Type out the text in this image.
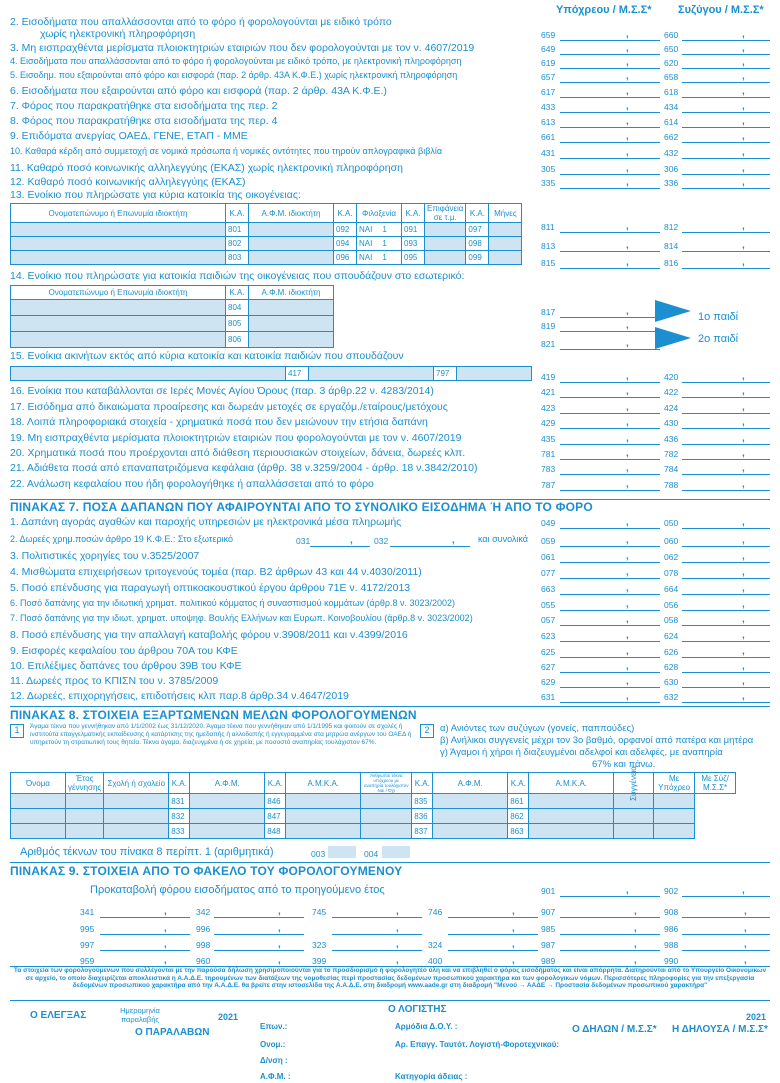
Υπόχρεου / Μ.Σ.Σ* Συζύγου / Μ.Σ.Σ*
2. Εισοδήματα που απαλλάσσονται από το φόρο ή φορολογούνται με ειδικό τρόπο
χωρίς ηλεκτρονική πληροφόρηση	659	,	660	,
3. Μη εισπραχθέντα μερίσματα πλοιοκτητριών εταιριών που δεν φορολογούνται με τον ν. 4607/2019	649	,	650	,
4. Εισοδήματα που απαλλάσσονται από το φόρο ή φορολογούνται με ειδικό τρόπο, με ηλεκτρονική πληροφόρηση	619	,	620	,
5. Εισοδημ. που εξαιρούνται από φόρο και εισφορά (παρ. 2 άρθρ. 43Α Κ.Φ.Ε.) χωρίς ηλεκτρονική πληροφόρηση	657	,	658	,
6. Εισοδήματα που εξαιρούνται από φόρο και εισφορά (παρ. 2 άρθρ. 43Α Κ.Φ.Ε.)	617	,	618	,
7. Φόρος που παρακρατήθηκε στα εισοδήματα της περ. 2	433	,	434	,
8. Φόρος που παρακρατήθηκε στα εισοδήματα της περ. 4	613	,	614	,
9. Επιδόματα ανεργίας ΟΑΕΔ, ΓΕΝΕ, ΕΤΑΠ - ΜΜΕ	661	,	662	,
10. Καθαρά κέρδη από συμμετοχή σε νομικά πρόσωπα ή νομικές οντότητες που τηρούν απλογραφικά βιβλία	431	,	432	,
11. Καθαρό ποσό κοινωνικής αλληλεγγύης (ΕΚΑΣ) χωρίς ηλεκτρονική πληροφόρηση	305	,	306	,
12. Καθαρό ποσό κοινωνικής αλληλεγγύης (ΕΚΑΣ)	335	,	336	,
13. Ενοίκιο που πληρώσατε για κύρια κατοικία της οικογένειας:
Ονοματεπώνυμο ή Επωνυμία ιδιοκτήτη	Κ.Α.	Α.Φ.Μ. ιδιοκτήτη	Κ.Α.	Φιλοξενία	Κ.Α.	Επιφάνεια σε τ.μ.	Κ.Α.	Μήνες
	801		092	ΝΑΙ 1	091		097	
	802		094	ΝΑΙ 1	093		098	
	803		096	ΝΑΙ 1	095		099	
811	,	812	,
813	,	814	,
815	,	816	,
14. Ενοίκιο που πληρώσατε για κατοικία παιδιών της οικογένειας που σπουδάζουν στο εσωτερικό:
Ονοματεπώνυμο ή Επωνυμία ιδιοκτήτη	Κ.Α.	Α.Φ.Μ. ιδιοκτήτη
	804	
	805	
	806	
817	,
819	,
821	,
1ο παιδί
2ο παιδί
15. Ενοίκια ακινήτων εκτός από κύρια κατοικία και κατοικία παιδιών που σπουδάζουν
	417		797		419	,	420	,
16. Ενοίκια που καταβάλλονται σε Ιερές Μονές Αγίου Όρους (παρ. 3 άρθρ.22 ν. 4283/2014)	421	,	422	,
17. Εισόδημα από δικαιώματα προαίρεσης και δωρεάν μετοχές σε εργαζόμ./εταίρους/μετόχους	423	,	424	,
18. Λοιπά πληροφοριακά στοιχεία - χρηματικά ποσά που δεν μειώνουν την ετήσια δαπάνη	429	,	430	,
19. Μη εισπραχθέντα μερίσματα πλοιοκτητριών εταιριών που φορολογούνται με τον ν. 4607/2019	435	,	436	,
20. Χρηματικά ποσά που προέρχονται από διάθεση περιουσιακών στοιχείων, δάνεια, δωρεές κλπ.	781	,	782	,
21. Αδιάθετα ποσά από επαναπατριζόμενα κεφάλαια (άρθρ. 38 ν.3259/2004 - άρθρ. 18 ν.3842/2010)	783	,	784	,
22. Ανάλωση κεφαλαίου που ήδη φορολογήθηκε ή απαλλάσσεται από το φόρο	787	,	788	,
ΠΙΝΑΚΑΣ 7. ΠΟΣΑ ΔΑΠΑΝΩΝ ΠΟΥ ΑΦΑΙΡΟΥΝΤΑΙ ΑΠΟ ΤΟ ΣΥΝΟΛΙΚΟ ΕΙΣΟΔΗΜΑ Ή ΑΠΟ ΤΟ ΦΟΡΟ
1. Δαπάνη αγοράς αγαθών και παροχής υπηρεσιών με ηλεκτρονικά μέσα πληρωμής	049	,	050	,
2. Δωρεές χρημ.ποσών άρθρο 19 Κ.Φ.Ε.: Στο εξωτερικό	031	, 032	,	και συνολικά 059	,	060	,
3. Πολιτιστικές χορηγίες του ν.3525/2007	061	,	062	,
4. Μισθώματα επιχειρήσεων τριτογενούς τομέα (παρ. Β2 άρθρων 43 και 44 ν.4030/2011)	077	,	078	,
5. Ποσό επένδυσης για παραγωγή οπτικοακουστικού έργου άρθρου 71Ε ν. 4172/2013	663	,	664	,
6. Ποσό δαπάνης για την ιδιωτική χρηματ. πολιτικού κόμματος ή συνασπισμού κομμάτων (άρθρ.8 ν. 3023/2002)	055	,	056	,
7. Ποσό δαπάνης για την ιδιωτ. χρηματ. υποψηφ. Βουλής Ελλήνων και Ευρωπ. Κοινοβουλίου (άρθρ.8 ν. 3023/2002)	057	,	058	,
8. Ποσό επένδυσης για την απαλλαγή καταβολής φόρου ν.3908/2011 και ν.4399/2016	623	,	624	,
9. Εισφορές κεφαλαίου του άρθρου 70Α του ΚΦΕ	625	,	626	,
10. Επιλέξιμες δαπάνες του άρθρου 39Β του ΚΦΕ	627	,	628	,
11. Δωρεές προς το ΚΠΙΣΝ του ν. 3785/2009	629	,	630	,
12. Δωρεές, επιχορηγήσεις, επιδοτήσεις κλπ παρ.8 άρθρ.34 ν.4647/2019	631	,	632	,
ΠΙΝΑΚΑΣ 8. ΣΤΟΙΧΕΙΑ ΕΞΑΡΤΩΜΕΝΩΝ ΜΕΛΩΝ ΦΟΡΟΛΟΓΟΥΜΕΝΩΝ
1	Άγαμα τέκνα που γεννήθηκαν από 1/1/2002 έως 31/12/2020. Άγαμα τέκνα που γεννήθηκαν από 1/1/1995 και φοιτούν σε σχολές ή ινστιτούτα επαγγελματικής εκπαίδευσης ή κατάρτισης της ημεδαπής ή αλλοδαπής ή εγγεγραμμένα στα μητρώα ανέργων του ΟΑΕΔ ή υπηρετούν τη στρατιωτική τους θητεία. Τέκνα άγαμα, διαζευγμένα ή σε χηρεία, με ποσοστό αναπηρίας τουλάχιστον 67%.
2	α) Ανιόντες των συζύγων (γονείς, παππούδες)
β) Ανήλικοι συγγενείς μέχρι τον 3ο βαθμό, ορφανοί από πατέρα και μητέρα
γ) Άγαμοι ή χήροι ή διαζευγμένοι αδελφοί και αδελφές, με αναπηρία
67% και πάνω.
Όνομα	Έτος γέννησης	Σχολή ή σχολείο	Κ.Α.	Α.Φ.Μ.	Κ.Α.	Α.Μ.Κ.Α.	Άνθρωποι τέκνα υπόχρεου με αναπηρία τουλάχιστον Ναι / Όχι	Κ.Α.	Α.Φ.Μ.	Κ.Α.	Α.Μ.Κ.Α.	Συγγένεια	Με Υπόχρεο	Με Σύζ/Μ.Σ.Σ*
			831		846			835		861				
			832		847			836		862				
			833		848			837		863				
Αριθμός τέκνων του πίνακα 8 περίπτ. 1 (αριθμητικά)	003	004
ΠΙΝΑΚΑΣ 9. ΣΤΟΙΧΕΙΑ ΑΠΟ ΤΟ ΦΑΚΕΛΟ ΤΟΥ ΦΟΡΟΛΟΓΟΥΜΕΝΟΥ
Προκαταβολή φόρου εισοδήματος από το προηγούμενο έτος	901	,	902	,
341	,	342	,	745	,	746	,	907	,	908	,
995	,	996	,	,	,	985	,	986	,
997	,	998	,	323	,	324	,	987	,	988	,
959	,	960	,	399	,	400	,	989	,	990	,
Τα στοιχεία των φορολογούμενων που συλλέγονται με την παρούσα δήλωση χρησιμοποιούνται για το προσδιορισμό ή φορολογητέο ύλη και να επιβληθεί ο φόρος εισοδήματος και είναι απόρρητα. Διατηρούνται από το Υπουργείο Οικονομικών σε αρχείο, το οποίο διαχειρίζεται αποκλειστικά η Α.Α.Δ.Ε. τηρουμένων των διατάξεων της νομοθεσίας περί προστασίας δεδομένων προσωπικού χαρακτήρα και των φορολογικών νόμων. Περισσότερες πληροφορίες για την επεξεργασία δεδομένων προσωπικού χαρακτήρα από την Α.Α.Δ.Ε. θα βρείτε στην ιστοσελίδα της Α.Α.Δ.Ε. στη διαδρομή www.aade.gr στη διαδρομή "Μενού → ΑΑΔΕ → Προστασία δεδομένων προσωπικού χαρακτήρα"
Ο ΕΛΕΓΞΑΣ	Ημερομηνία παραλαβής	2021
Ο ΠΑΡΑΛΑΒΩΝ
Ο ΛΟΓΙΣΤΗΣ
Επων.:
Ονομ.:
Δ/νση :
Α.Φ.Μ. :
Αρμόδια Δ.Ο.Υ. :
Αρ. Επαγγ. Ταυτότ. Λογιστή-Φοροτεχνικού:
Κατηγορία άδειας :
2021
Ο ΔΗΛΩΝ / Μ.Σ.Σ* Η ΔΗΛΟΥΣΑ / Μ.Σ.Σ*
